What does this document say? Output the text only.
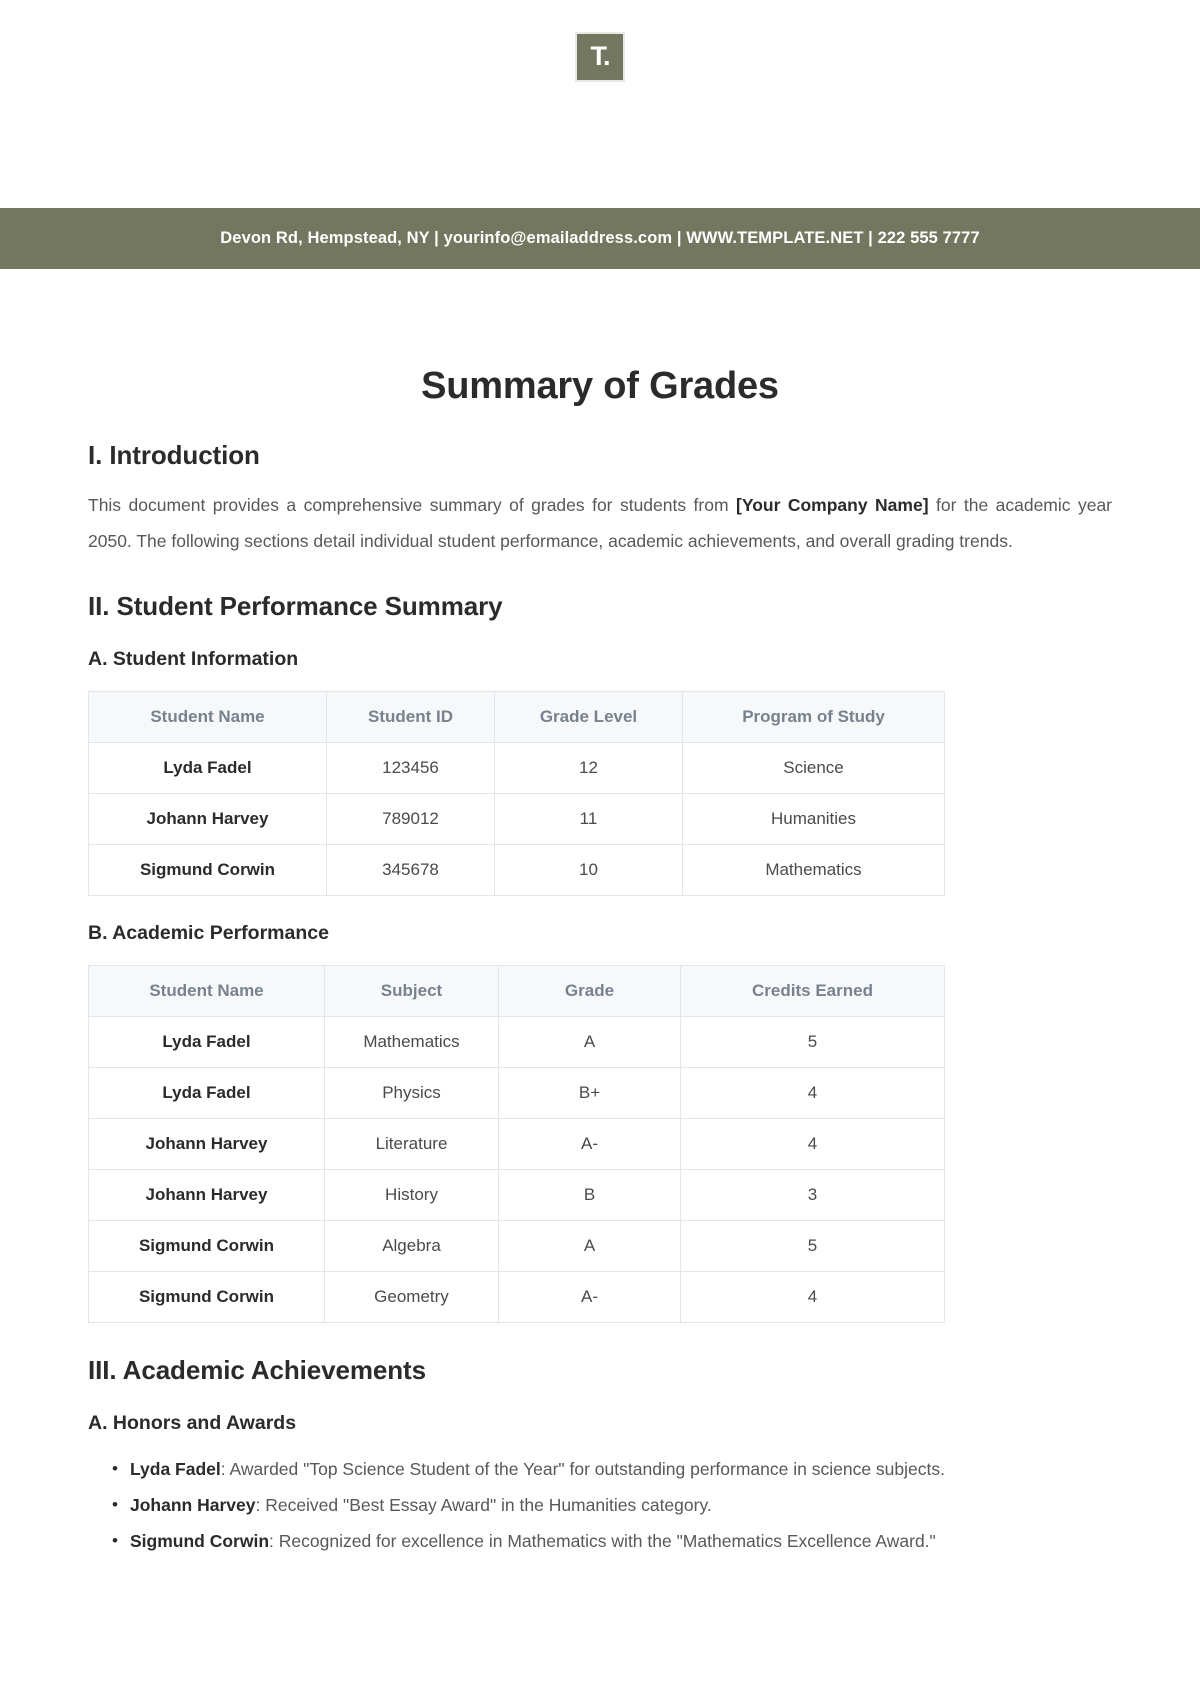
T.
Devon Rd, Hempstead, NY | yourinfo@emailaddress.com | WWW.TEMPLATE.NET | 222 555 7777
Summary of Grades
I. Introduction

This document provides a comprehensive summary of grades for students from [Your Company Name] for the academic year 2050. The following sections detail individual student performance, academic achievements, and overall grading trends.

II. Student Performance Summary
A. Student Information
Student Name	Student ID	Grade Level	Program of Study
Lyda Fadel	123456	12	Science
Johann Harvey	789012	11	Humanities
Sigmund Corwin	345678	10	Mathematics
B. Academic Performance
Student Name	Subject	Grade	Credits Earned
Lyda Fadel	Mathematics	A	5
Lyda Fadel	Physics	B+	4
Johann Harvey	Literature	A-	4
Johann Harvey	History	B	3
Sigmund Corwin	Algebra	A	5
Sigmund Corwin	Geometry	A-	4
III. Academic Achievements
A. Honors and Awards
• Lyda Fadel: Awarded "Top Science Student of the Year" for outstanding performance in science subjects.
• Johann Harvey: Received "Best Essay Award" in the Humanities category.
• Sigmund Corwin: Recognized for excellence in Mathematics with the "Mathematics Excellence Award."
